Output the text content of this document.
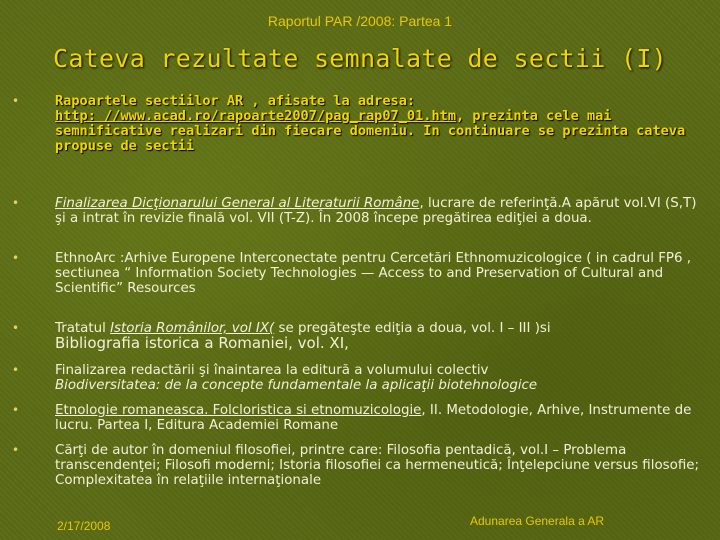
Raportul PAR /2008: Partea 1
Cateva rezultate semnalate de sectii (I)
•	Rapoartele sectiilor AR , afisate la adresa:
http: //www.acad.ro/rapoarte2007/pag_rap07_01.htm, prezinta cele mai semnificative realizari din fiecare domeniu. In continuare se prezinta cateva propuse de sectii
•	Finalizarea Dicţionarului General al Literaturii Române, lucrare de referinţă.A apărut vol.VI (S,T) şi a intrat în revizie finală vol. VII (T-Z). În 2008 începe pregătirea ediţiei a doua.
•	EthnoArc :Arhive Europene Interconectate pentru Cercetări Ethnomuzicologice ( in cadrul FP6 , sectiunea “ Information Society Technologies — Access to and Preservation of Cultural and Scientific” Resources
•	Tratatul Istoria Românilor, vol IX( se pregăteşte ediţia a doua, vol. I – III )si
Bibliografia istorica a Romaniei, vol. XI,
•	Finalizarea redactării şi înaintarea la editură a volumului colectiv
Biodiversitatea: de la concepte fundamentale la aplicaţii biotehnologice
•	Etnologie romaneasca. Folcloristica si etnomuzicologie, II. Metodologie, Arhive, Instrumente de lucru. Partea I, Editura Academiei Romane
•	Cărţi de autor în domeniul filosofiei, printre care: Filosofia pentadică, vol.I – Problema transcendenţei; Filosofi moderni; Istoria filosofiei ca hermeneutică; Înţelepciune versus filosofie; Complexitatea în relaţiile internaţionale
2/17/2008	Adunarea Generala a AR
